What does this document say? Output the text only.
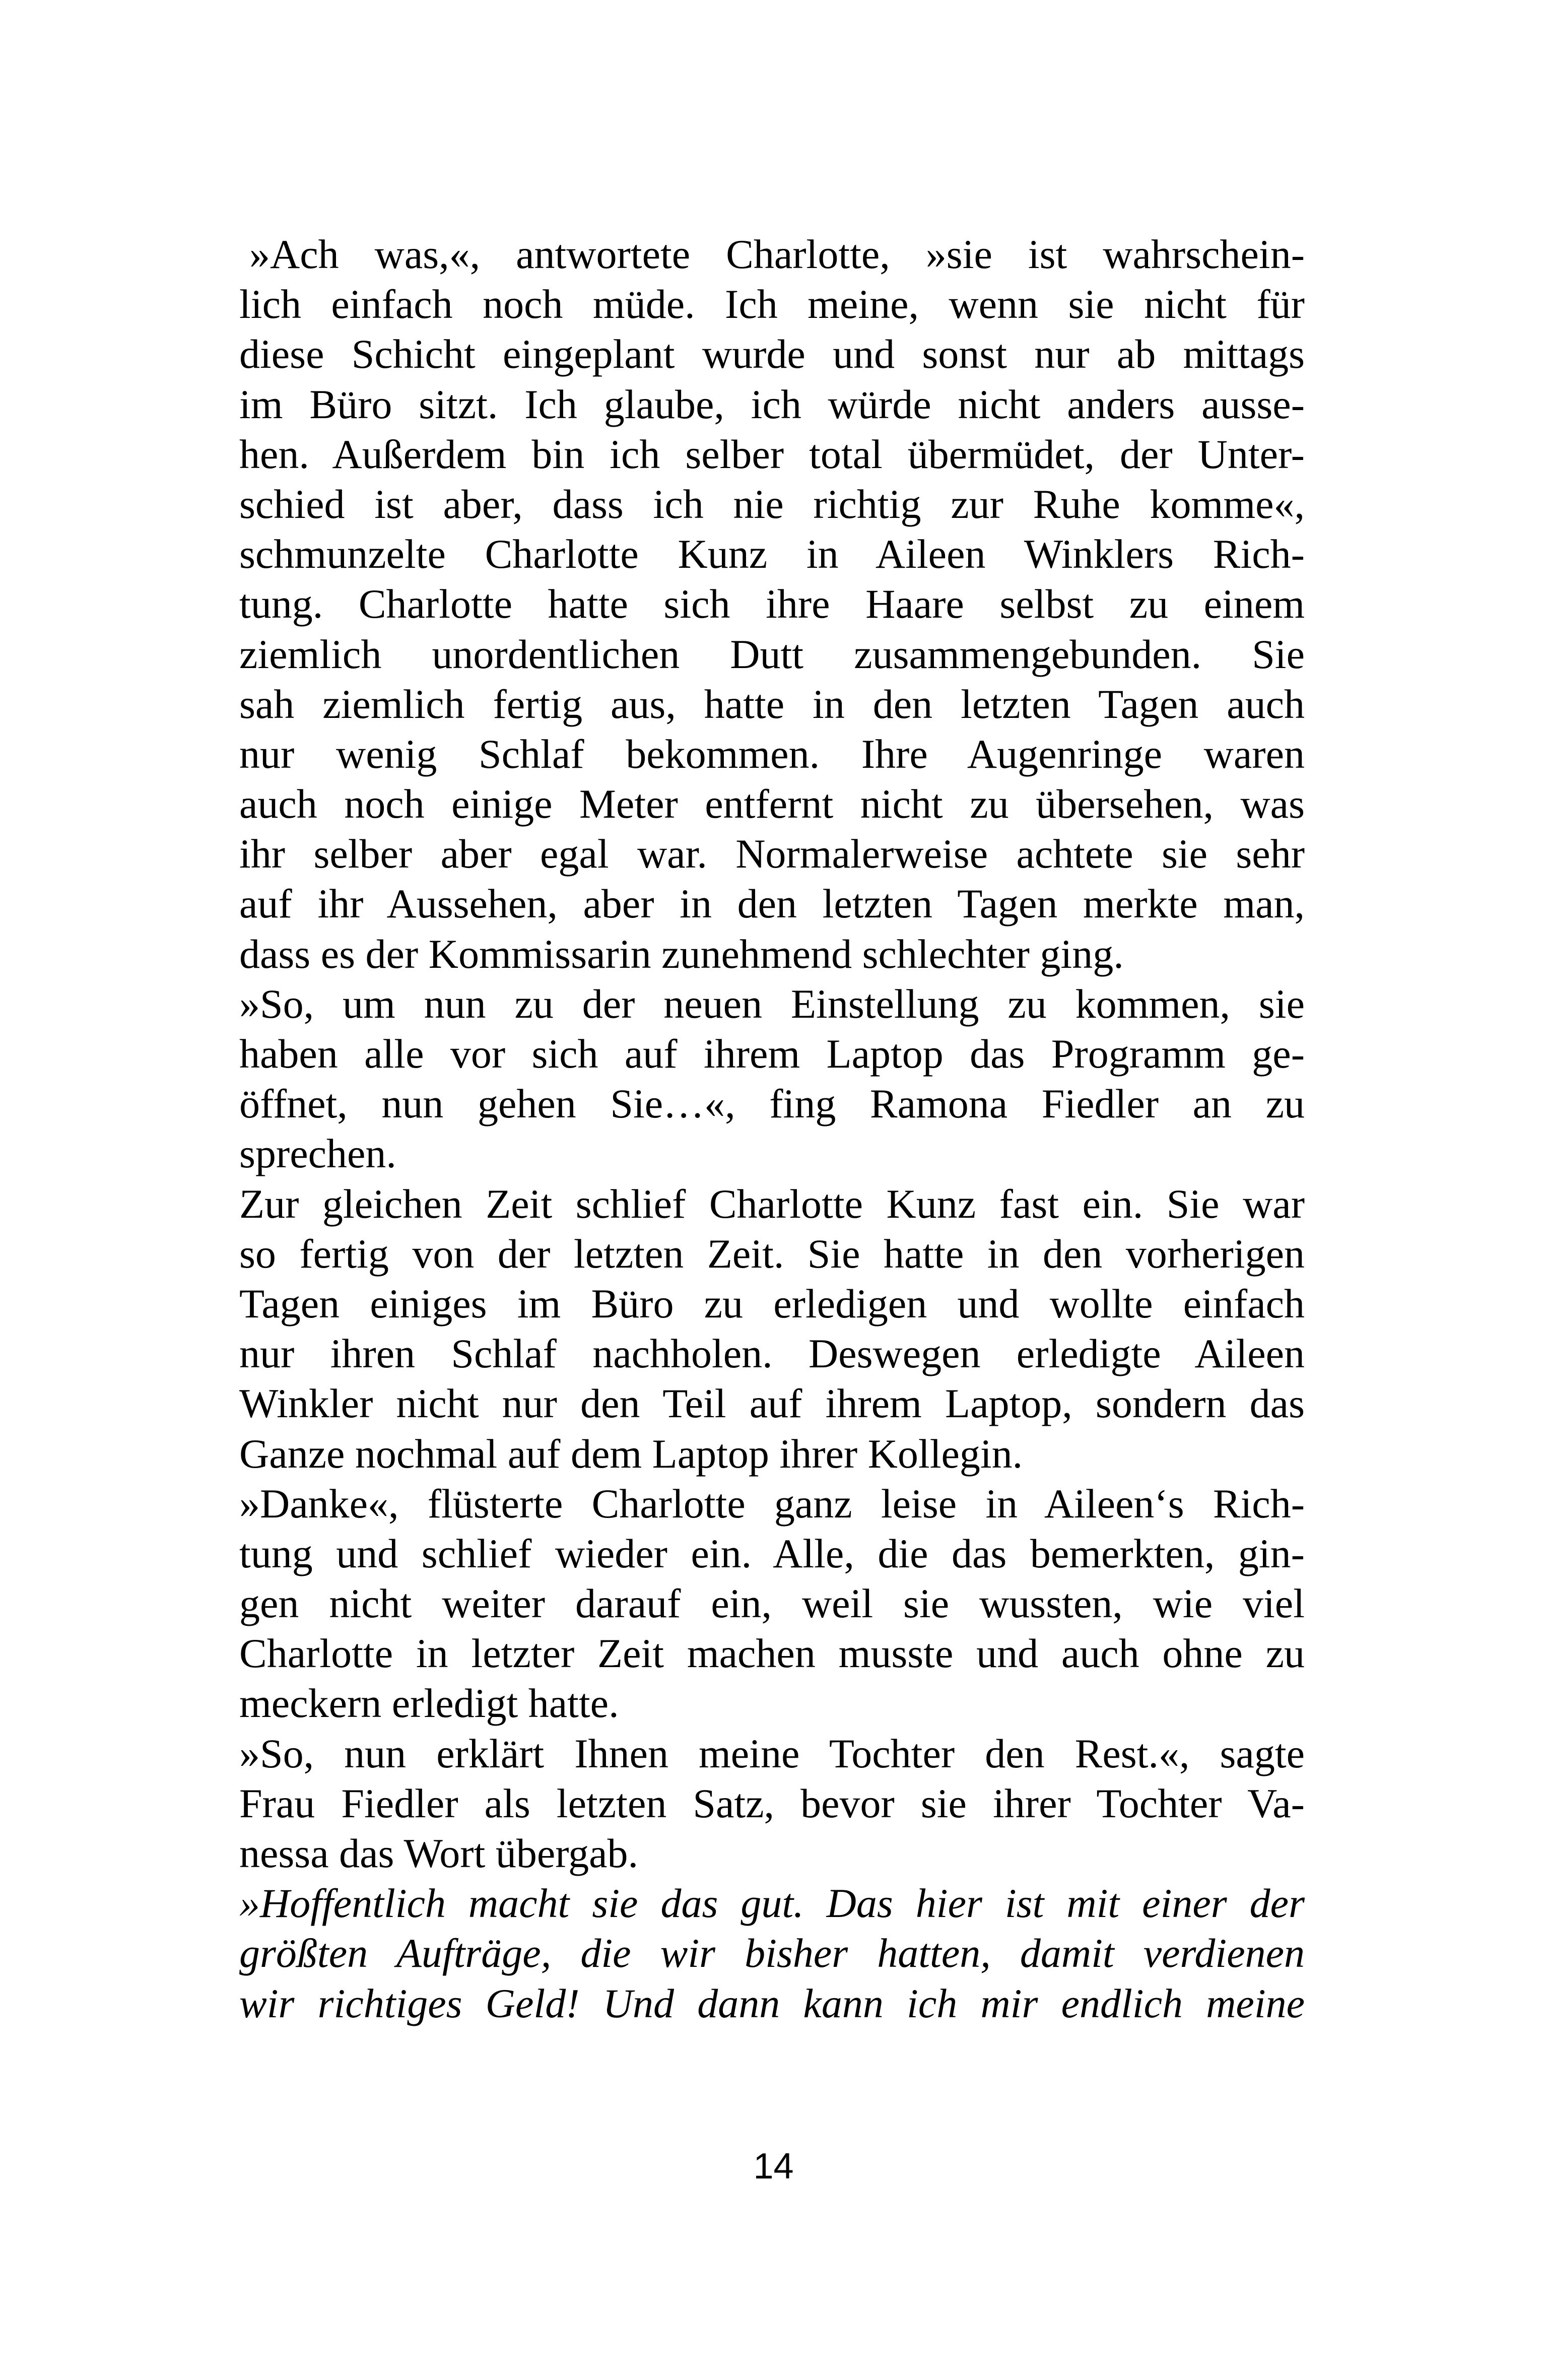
»Ach was,«, antwortete Charlotte, »sie ist wahrschein-
lich einfach noch müde. Ich meine, wenn sie nicht für
diese Schicht eingeplant wurde und sonst nur ab mittags
im Büro sitzt. Ich glaube, ich würde nicht anders ausse-
hen. Außerdem bin ich selber total übermüdet, der Unter-
schied ist aber, dass ich nie richtig zur Ruhe komme«,
schmunzelte Charlotte Kunz in Aileen Winklers Rich-
tung. Charlotte hatte sich ihre Haare selbst zu einem
ziemlich unordentlichen Dutt zusammengebunden. Sie
sah ziemlich fertig aus, hatte in den letzten Tagen auch
nur wenig Schlaf bekommen. Ihre Augenringe waren
auch noch einige Meter entfernt nicht zu übersehen, was
ihr selber aber egal war. Normalerweise achtete sie sehr
auf ihr Aussehen, aber in den letzten Tagen merkte man,
dass es der Kommissarin zunehmend schlechter ging.
»So, um nun zu der neuen Einstellung zu kommen, sie
haben alle vor sich auf ihrem Laptop das Programm ge-
öffnet, nun gehen Sie…«, fing Ramona Fiedler an zu
sprechen.
Zur gleichen Zeit schlief Charlotte Kunz fast ein. Sie war
so fertig von der letzten Zeit. Sie hatte in den vorherigen
Tagen einiges im Büro zu erledigen und wollte einfach
nur ihren Schlaf nachholen. Deswegen erledigte Aileen
Winkler nicht nur den Teil auf ihrem Laptop, sondern das
Ganze nochmal auf dem Laptop ihrer Kollegin.
»Danke«, flüsterte Charlotte ganz leise in Aileen‘s Rich-
tung und schlief wieder ein. Alle, die das bemerkten, gin-
gen nicht weiter darauf ein, weil sie wussten, wie viel
Charlotte in letzter Zeit machen musste und auch ohne zu
meckern erledigt hatte.
»So, nun erklärt Ihnen meine Tochter den Rest.«, sagte
Frau Fiedler als letzten Satz, bevor sie ihrer Tochter Va-
nessa das Wort übergab.
»Hoffentlich macht sie das gut. Das hier ist mit einer der
größten Aufträge, die wir bisher hatten, damit verdienen
wir richtiges Geld! Und dann kann ich mir endlich meine
14
